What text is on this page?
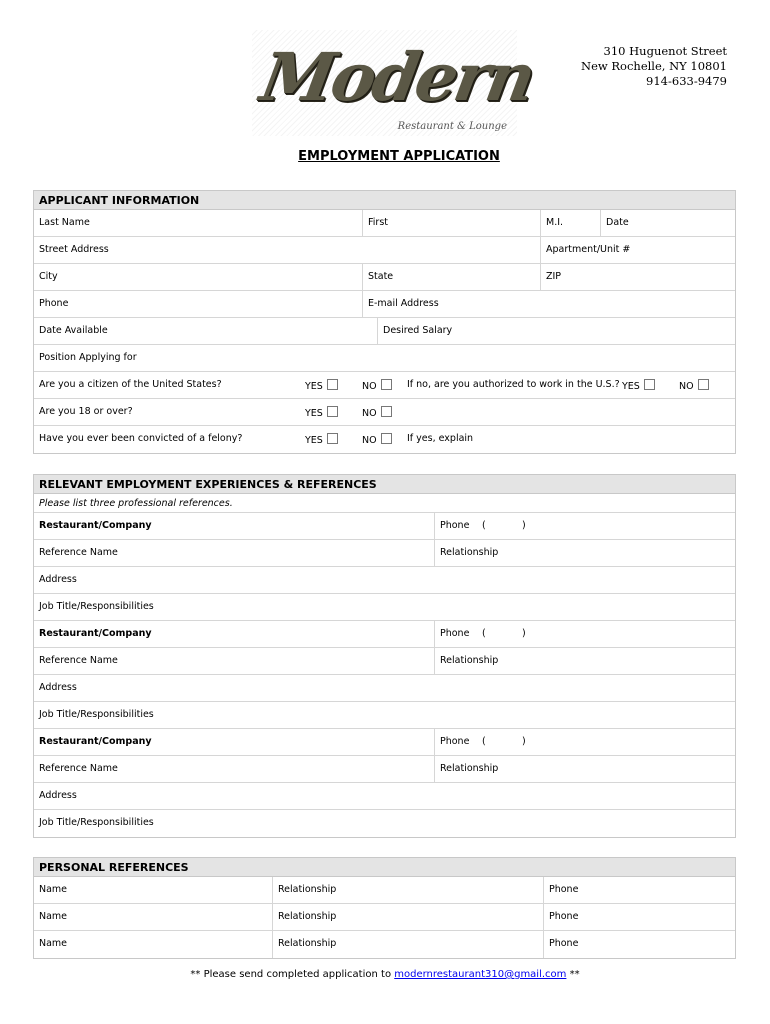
Modern
Restaurant & Lounge
310 Huguenot Street
New Rochelle, NY 10801
914-633-9479
EMPLOYMENT APPLICATION
APPLICANT INFORMATION
Last Name	First	M.I.	Date
Street Address	Apartment/Unit #
City	State	ZIP
Phone	E-mail Address
Date Available	Desired Salary
Position Applying for
Are you a citizen of the United States?	YES	NO	If no, are you authorized to work in the U.S.? YES	NO
Are you 18 or over?	YES	NO
Have you ever been convicted of a felony?	YES	NO	If yes, explain
RELEVANT EMPLOYMENT EXPERIENCES & REFERENCES
Please list three professional references.
Restaurant/Company	Phone (	)
Reference Name	Relationship
Address
Job Title/Responsibilities
Restaurant/Company	Phone (	)
Reference Name	Relationship
Address
Job Title/Responsibilities
Restaurant/Company	Phone (	)
Reference Name	Relationship
Address
Job Title/Responsibilities
PERSONAL REFERENCES
Name	Relationship	Phone
Name	Relationship	Phone
Name	Relationship	Phone
** Please send completed application to modernrestaurant310@gmail.com **
